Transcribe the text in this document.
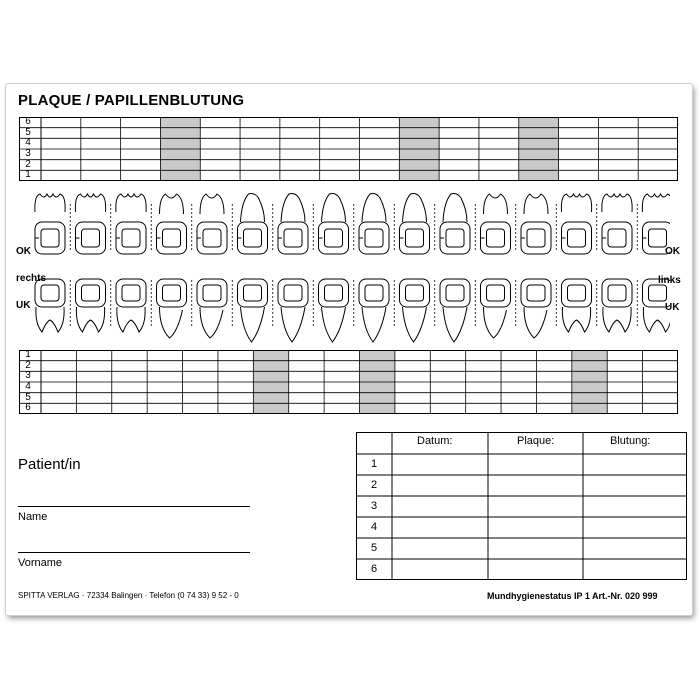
PLAQUE / PAPILLENBLUTUNG
6
5
4
3
2
1
OK	OK
rechts	links
UK	UK
1
2
3
4
5
6
Patient/in
Name
Vorname
Datum:	Plaque:	Blutung:
1
2
3
4
5
6
SPITTA VERLAG · 72334 Balingen · Telefon (0 74 33) 9 52 - 0	Mundhygienestatus IP 1 Art.-Nr. 020 999
